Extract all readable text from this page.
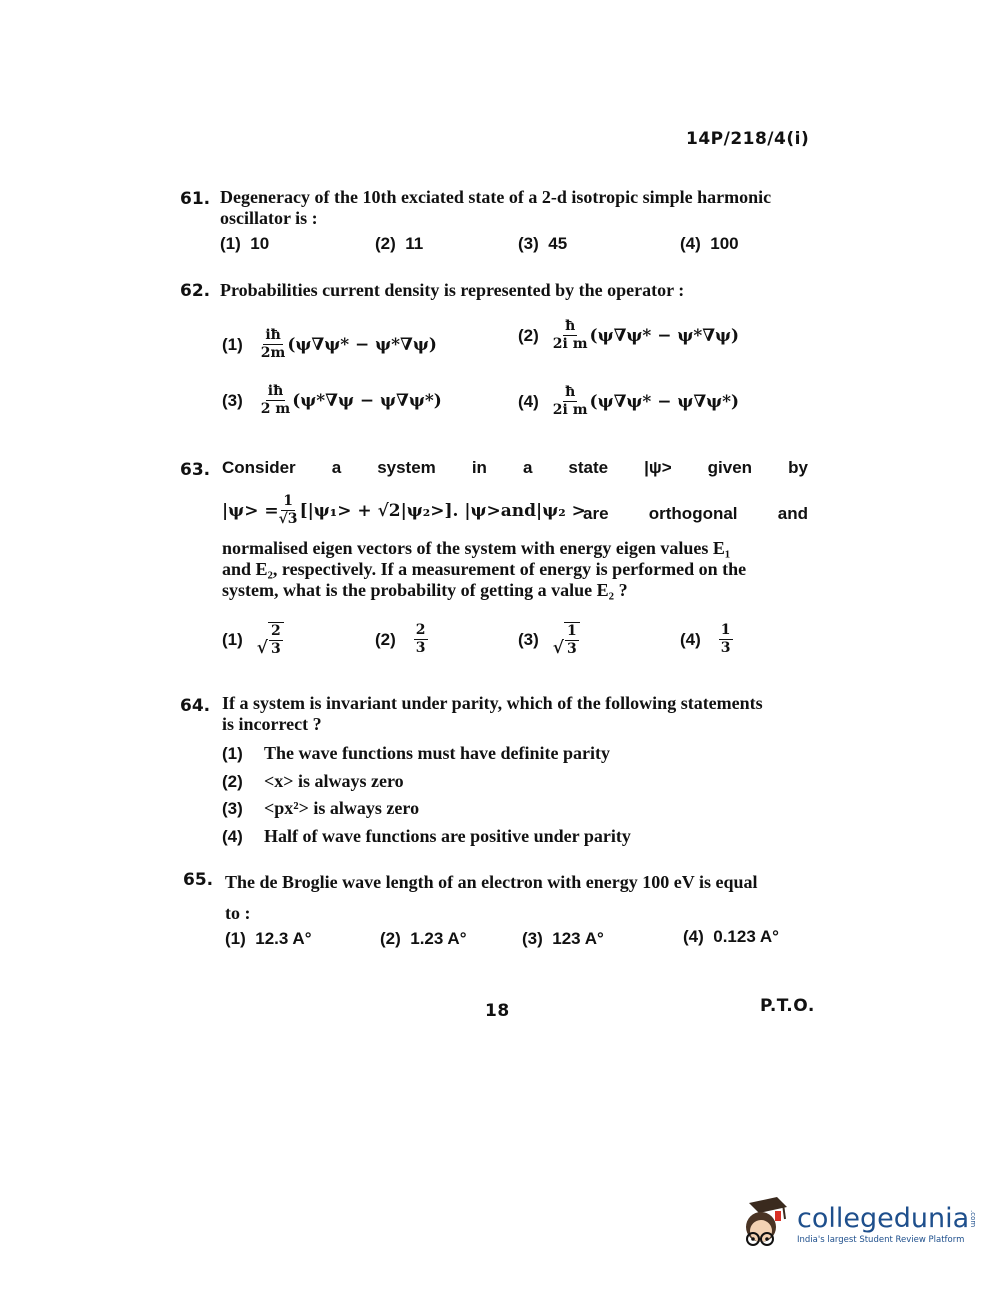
14P/218/4(i)
61. Degeneracy of the 10th exciated state of a 2-d isotropic simple harmonic
oscillator is :
(1) 10	(2) 11	(3) 45	(4) 100
62. Probabilities current density is represented by the operator :
$(1) \frac{iħ}{2m} (\psi\nabla\psi* - \psi*\nabla\psi)$	$(2) \frac{ħ}{\text{2i m}} (\psi\nabla\psi* - \psi*\nabla\psi)$
$(3) \frac{iħ}{2 m} (\psi*\nabla\psi - \psi\nabla\psi*)$	$(4) \frac{ħ}{\text{2i m}} (\psi\nabla\psi* - \psi\nabla\psi*)$
63. Consider a system in a state |ψ> given by
$|\psi> = \frac{1}{√3} [|\psi_1> + √2|\psi_2>]$. |ψ>and|ψ₂ >
are orthogonal and
normalised eigen vectors of the system with energy eigen values E₁
and E₂, respectively. If a measurement of energy is performed on the
system, what is the probability of getting a value E₂ ?
(1) √ $\frac{2}{3}$	$(2) \frac{2}{3}$	(3) √ $\frac{1}{3}$	$(4) \frac{1}{3}$
64. If a system is invariant under parity, which of the following statements
is incorrect ?
(1) The wave functions must have definite parity
(2) <x> is always zero
(3) <px²> is always zero
(4) Half of wave functions are positive under parity
65. The de Broglie wave length of an electron with energy 100 eV is equal
to :
(1) 12.3 A°	(2) 1.23 A°	(3) 123 A°	(4) 0.123 A°
18	P.T.O.
collegedunia.com
India's largest Student Review Platform
